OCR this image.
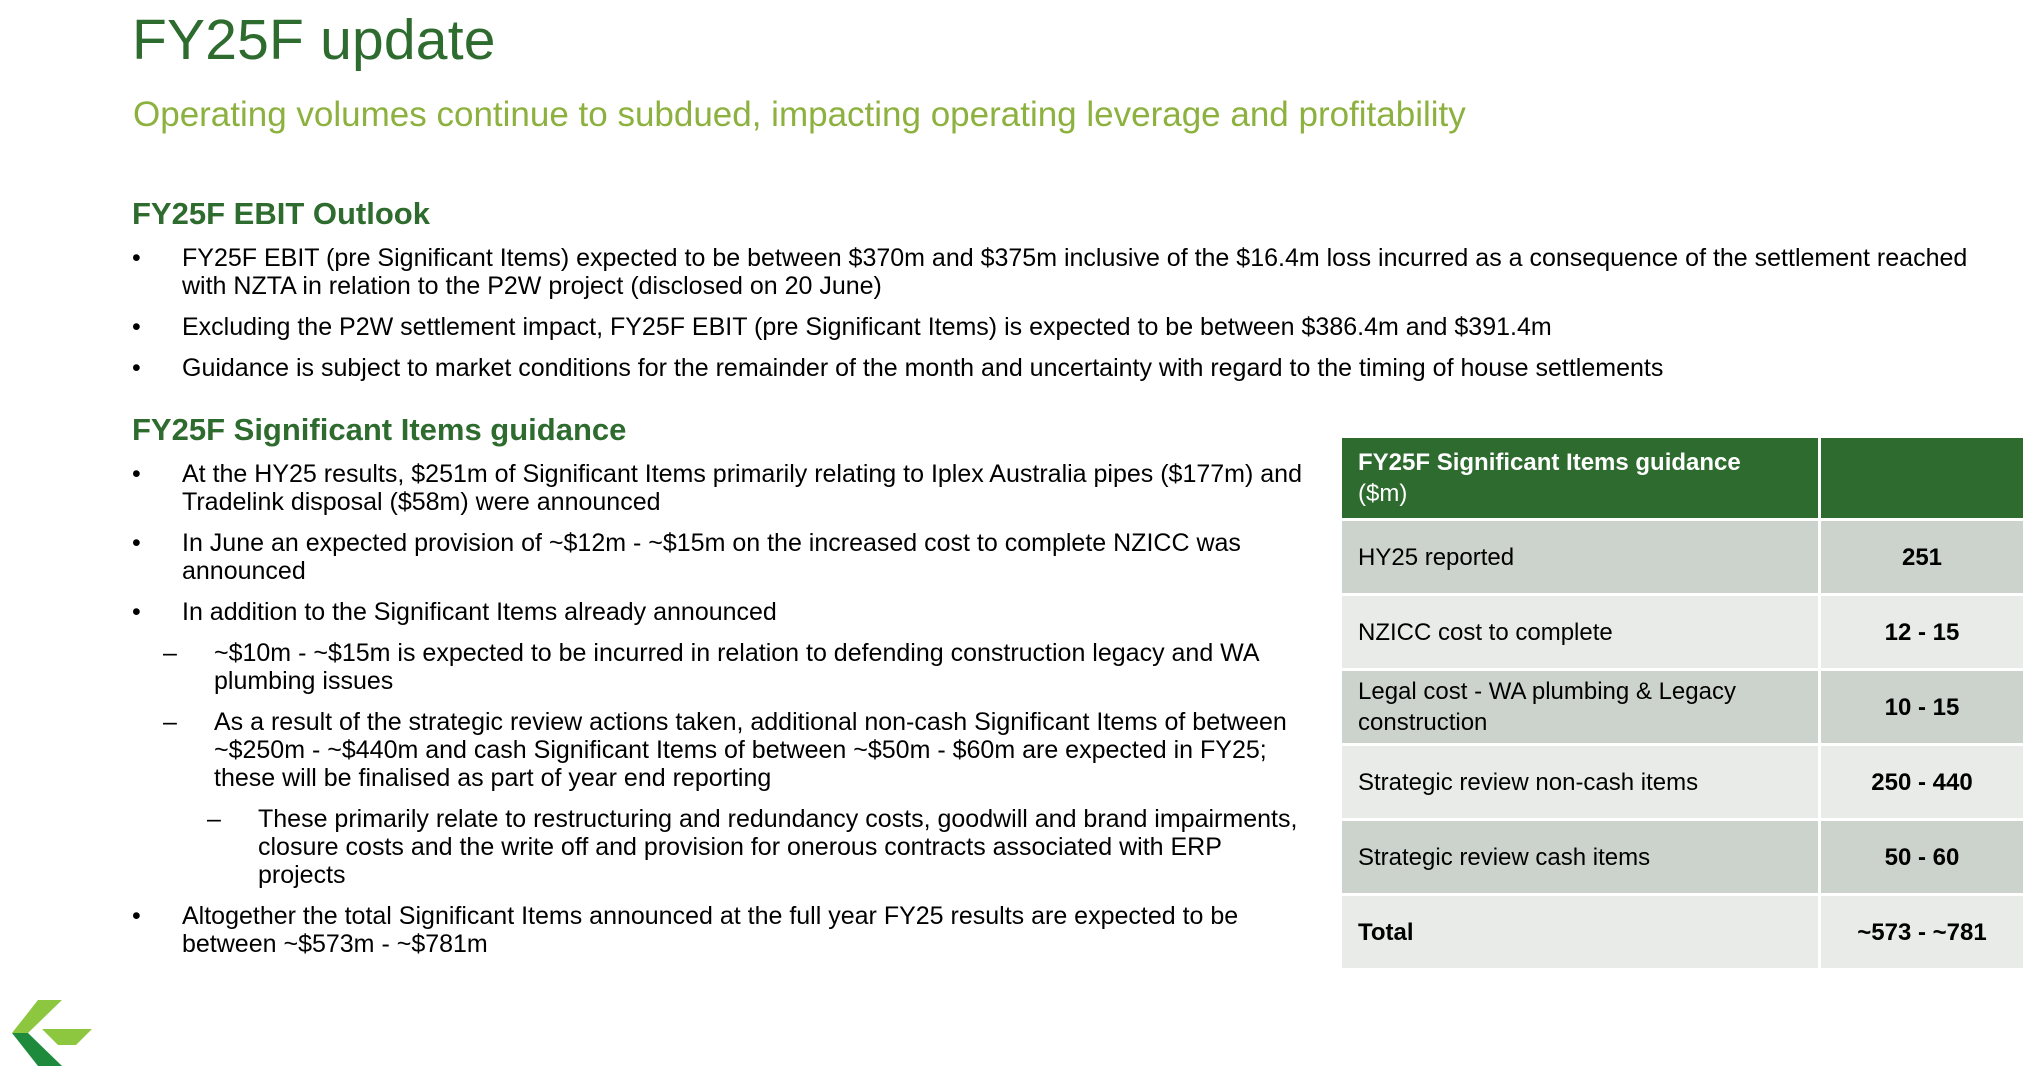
FY25F update
Operating volumes continue to subdued, impacting operating leverage and profitability
FY25F EBIT Outlook
• FY25F EBIT (pre Significant Items) expected to be between $370m and $375m inclusive of the $16.4m loss incurred as a consequence of the settlement reached with NZTA in relation to the P2W project (disclosed on 20 June)
• Excluding the P2W settlement impact, FY25F EBIT (pre Significant Items) is expected to be between $386.4m and $391.4m
• Guidance is subject to market conditions for the remainder of the month and uncertainty with regard to the timing of house settlements
FY25F Significant Items guidance
• At the HY25 results, $251m of Significant Items primarily relating to Iplex Australia pipes ($177m) and Tradelink disposal ($58m) were announced
• In June an expected provision of ~$12m - ~$15m on the increased cost to complete NZICC was announced
• In addition to the Significant Items already announced
– ~$10m - ~$15m is expected to be incurred in relation to defending construction legacy and WA plumbing issues
– As a result of the strategic review actions taken, additional non-cash Significant Items of between ~$250m - ~$440m and cash Significant Items of between ~$50m - $60m are expected in FY25; these will be finalised as part of year end reporting
– These primarily relate to restructuring and redundancy costs, goodwill and brand impairments, closure costs and the write off and provision for onerous contracts associated with ERP projects
• Altogether the total Significant Items announced at the full year FY25 results are expected to be between ~$573m - ~$781m
FY25F Significant Items guidance
($m)	

HY25 reported	251
NZICC cost to complete	12 - 15
Legal cost - WA plumbing & Legacy construction	10 - 15
Strategic review non-cash items	250 - 440
Strategic review cash items	50 - 60
Total	~573 - ~781
